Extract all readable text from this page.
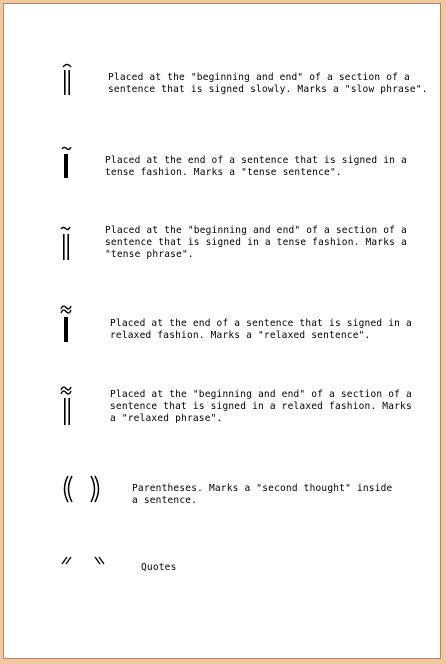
Placed at the "beginning and end" of a section of a
sentence that is signed slowly. Marks a "slow phrase".
Placed at the end of a sentence that is signed in a
tense fashion. Marks a "tense sentence".
Placed at the "beginning and end" of a section of a
sentence that is signed in a tense fashion. Marks a
"tense phrase".
Placed at the end of a sentence that is signed in a
relaxed fashion. Marks a "relaxed sentence".
Placed at the "beginning and end" of a section of a
sentence that is signed in a relaxed fashion. Marks
a "relaxed phrase".
Parentheses. Marks a "second thought" inside
a sentence.
Quotes
